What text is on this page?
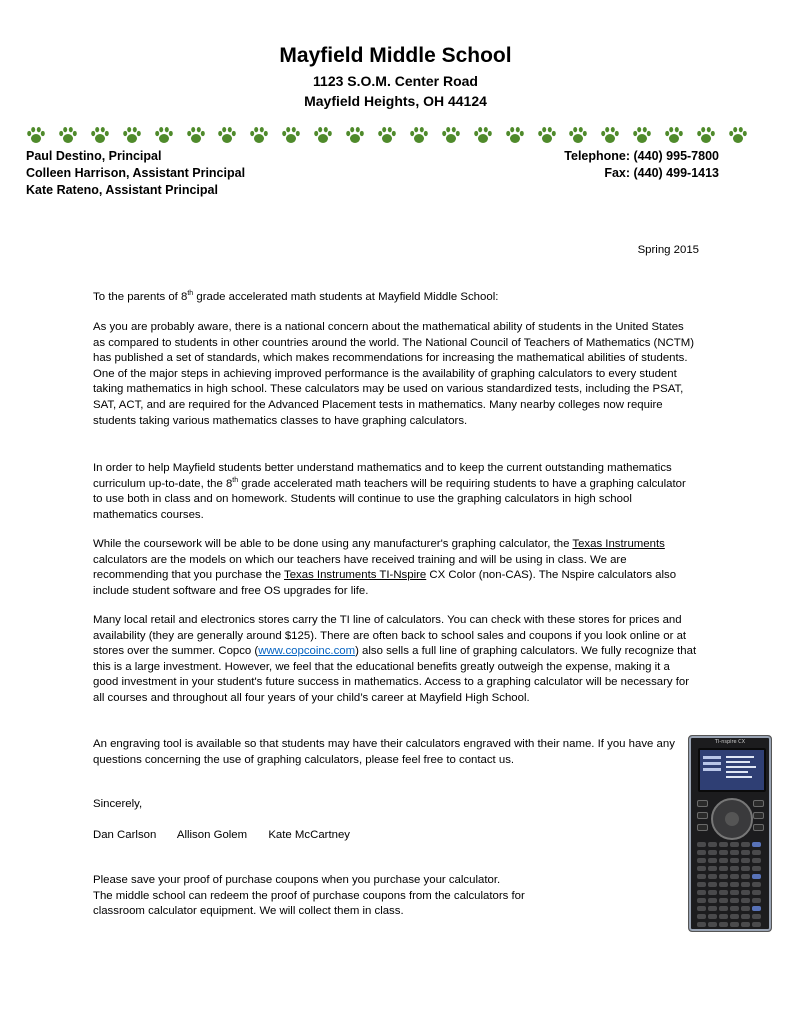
Mayfield Middle School
1123 S.O.M. Center Road
Mayfield Heights, OH 44124
Paul Destino, Principal
Colleen Harrison, Assistant Principal
Kate Rateno, Assistant Principal
Telephone: (440) 995-7800
Fax: (440) 499-1413
Spring 2015
To the parents of 8th grade accelerated math students at Mayfield Middle School:
As you are probably aware, there is a national concern about the mathematical ability of students in the United States as compared to students in other countries around the world. The National Council of Teachers of Mathematics (NCTM) has published a set of standards, which makes recommendations for increasing the mathematical abilities of students. One of the major steps in achieving improved performance is the availability of graphing calculators to every student taking mathematics in high school. These calculators may be used on various standardized tests, including the PSAT, SAT, ACT, and are required for the Advanced Placement tests in mathematics. Many nearby colleges now require students taking various mathematics classes to have graphing calculators.
In order to help Mayfield students better understand mathematics and to keep the current outstanding mathematics curriculum up-to-date, the 8th grade accelerated math teachers will be requiring students to have a graphing calculator to use both in class and on homework. Students will continue to use the graphing calculators in high school mathematics courses.
While the coursework will be able to be done using any manufacturer's graphing calculator, the Texas Instruments calculators are the models on which our teachers have received training and will be using in class. We are recommending that you purchase the Texas Instruments TI-Nspire CX Color (non-CAS). The Nspire calculators also include student software and free OS upgrades for life.
Many local retail and electronics stores carry the TI line of calculators. You can check with these stores for prices and availability (they are generally around $125). There are often back to school sales and coupons if you look online or at stores over the summer. Copco (www.copcoinc.com) also sells a full line of graphing calculators. We fully recognize that this is a large investment. However, we feel that the educational benefits greatly outweigh the expense, making it a good investment in your student's future success in mathematics. Access to a graphing calculator will be necessary for all courses and throughout all four years of your child’s career at Mayfield High School.
An engraving tool is available so that students may have their calculators engraved with their name. If you have any questions concerning the use of graphing calculators, please feel free to contact us.
Sincerely,
Dan Carlson Allison Golem Kate McCartney
Please save your proof of purchase coupons when you purchase your calculator.
The middle school can redeem the proof of purchase coupons from the calculators for classroom calculator equipment. We will collect them in class.
TI-nspire CX
